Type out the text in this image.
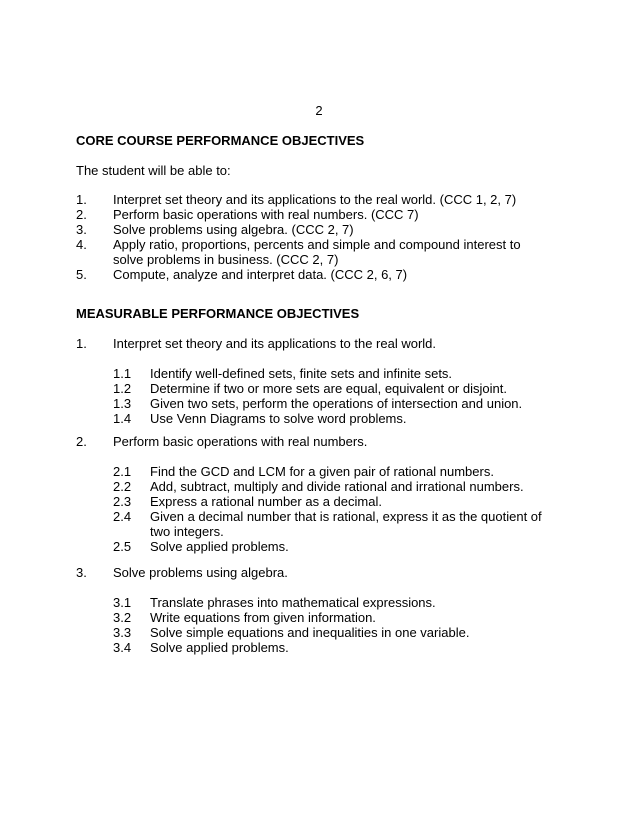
2
CORE COURSE PERFORMANCE OBJECTIVES
The student will be able to:
1.	Interpret set theory and its applications to the real world. (CCC 1, 2, 7)
2.	Perform basic operations with real numbers. (CCC 7)
3.	Solve problems using algebra. (CCC 2, 7)
4.	Apply ratio, proportions, percents and simple and compound interest to solve problems in business. (CCC 2, 7)
5.	Compute, analyze and interpret data. (CCC 2, 6, 7)
MEASURABLE PERFORMANCE OBJECTIVES
1.	Interpret set theory and its applications to the real world.
1.1	Identify well-defined sets, finite sets and infinite sets.
1.2	Determine if two or more sets are equal, equivalent or disjoint.
1.3	Given two sets, perform the operations of intersection and union.
1.4	Use Venn Diagrams to solve word problems.
2.	Perform basic operations with real numbers.
2.1	Find the GCD and LCM for a given pair of rational numbers.
2.2	Add, subtract, multiply and divide rational and irrational numbers.
2.3	Express a rational number as a decimal.
2.4	Given a decimal number that is rational, express it as the quotient of two integers.
2.5	Solve applied problems.
3.	Solve problems using algebra.
3.1	Translate phrases into mathematical expressions.
3.2	Write equations from given information.
3.3	Solve simple equations and inequalities in one variable.
3.4	Solve applied problems.
